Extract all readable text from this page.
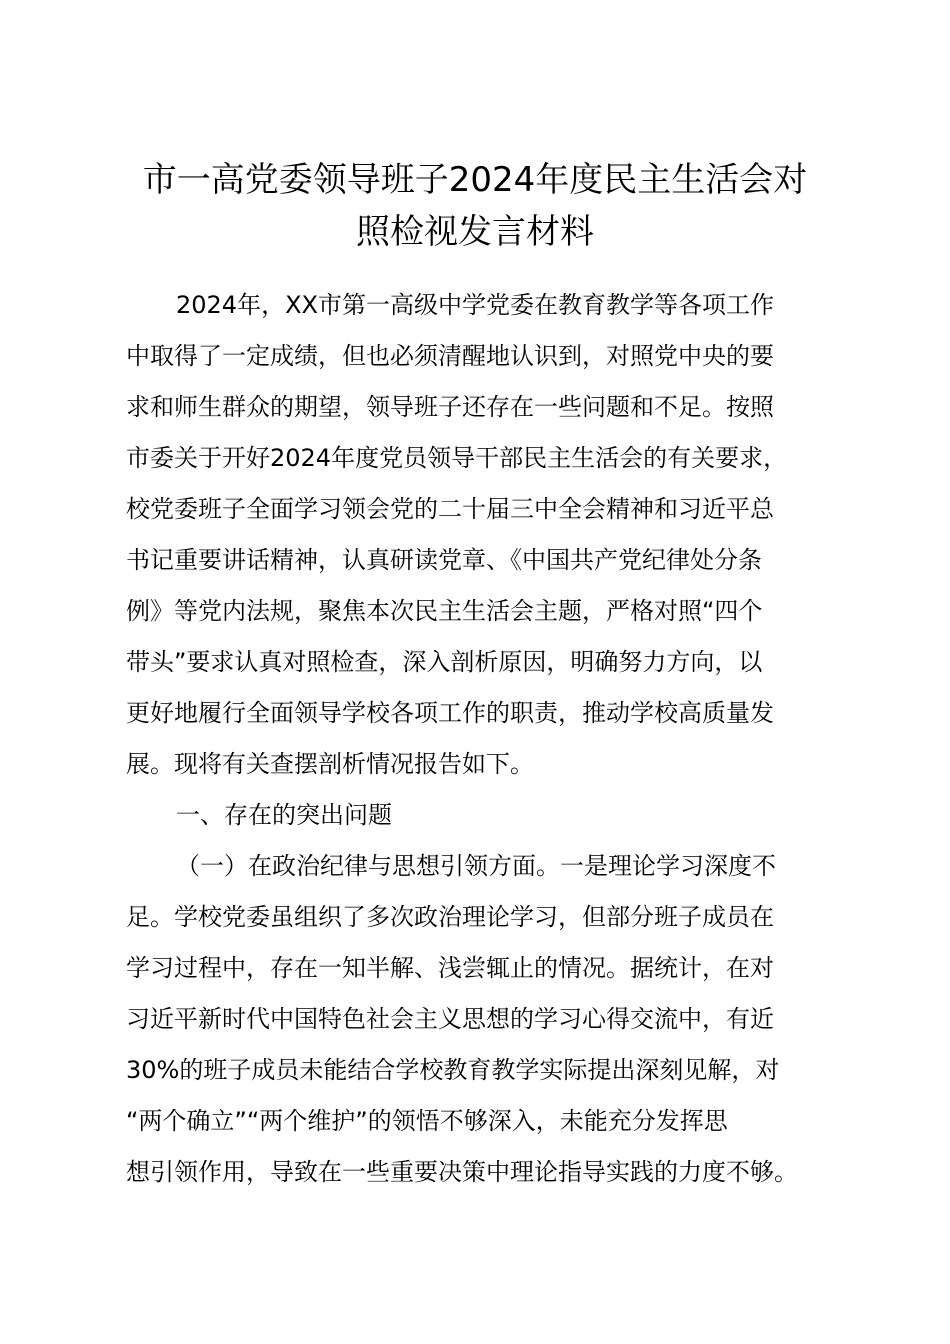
市一高党委领导班子2024年度民主生活会对
照检视发言材料
2024年，XX市第一高级中学党委在教育教学等各项工作
中取得了一定成绩，但也必须清醒地认识到，对照党中央的要
求和师生群众的期望，领导班子还存在一些问题和不足。按照
市委关于开好2024年度党员领导干部民主生活会的有关要求，
校党委班子全面学习领会党的二十届三中全会精神和习近平总
书记重要讲话精神，认真研读党章、《中国共产党纪律处分条
例》等党内法规，聚焦本次民主生活会主题，严格对照“四个
带头”要求认真对照检查，深入剖析原因，明确努力方向，以
更好地履行全面领导学校各项工作的职责，推动学校高质量发
展。现将有关查摆剖析情况报告如下。
一、存在的突出问题
（一）在政治纪律与思想引领方面。一是理论学习深度不
足。学校党委虽组织了多次政治理论学习，但部分班子成员在
学习过程中，存在一知半解、浅尝辄止的情况。据统计，在对
习近平新时代中国特色社会主义思想的学习心得交流中，有近
30%的班子成员未能结合学校教育教学实际提出深刻见解，对
“两个确立”“两个维护”的领悟不够深入，未能充分发挥思
想引领作用，导致在一些重要决策中理论指导实践的力度不够。
